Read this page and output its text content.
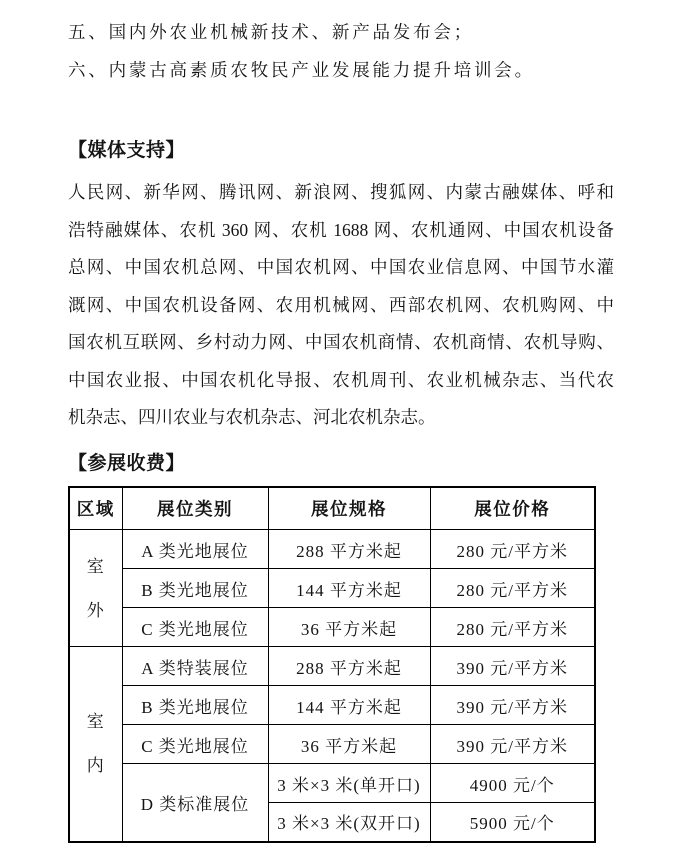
五、国内外农业机械新技术、新产品发布会；

六、内蒙古高素质农牧民产业发展能力提升培训会。

【媒体支持】
人民网、新华网、腾讯网、新浪网、搜狐网、内蒙古融媒体、呼和
浩特融媒体、农机 360 网、农机 1688 网、农机通网、中国农机设备
总网、中国农机总网、中国农机网、中国农业信息网、中国节水灌
溉网、中国农机设备网、农用机械网、西部农机网、农机购网、中
国农机互联网、乡村动力网、中国农机商情、农机商情、农机导购、
中国农业报、中国农机化导报、农机周刊、农业机械杂志、当代农
机杂志、四川农业与农机杂志、河北农机杂志。
【参展收费】
区域	展位类别	展位规格	展位价格

室
外	A 类光地展位	288 平方米起	280 元/平方米
	B 类光地展位	144 平方米起	280 元/平方米
	C 类光地展位	36 平方米起	280 元/平方米

室
内	A 类特装展位	288 平方米起	390 元/平方米
	B 类光地展位	144 平方米起	390 元/平方米
	C 类光地展位	36 平方米起	390 元/平方米
	D 类标准展位	3 米×3 米(单开口)	4900 元/个
		3 米×3 米(双开口)	5900 元/个
